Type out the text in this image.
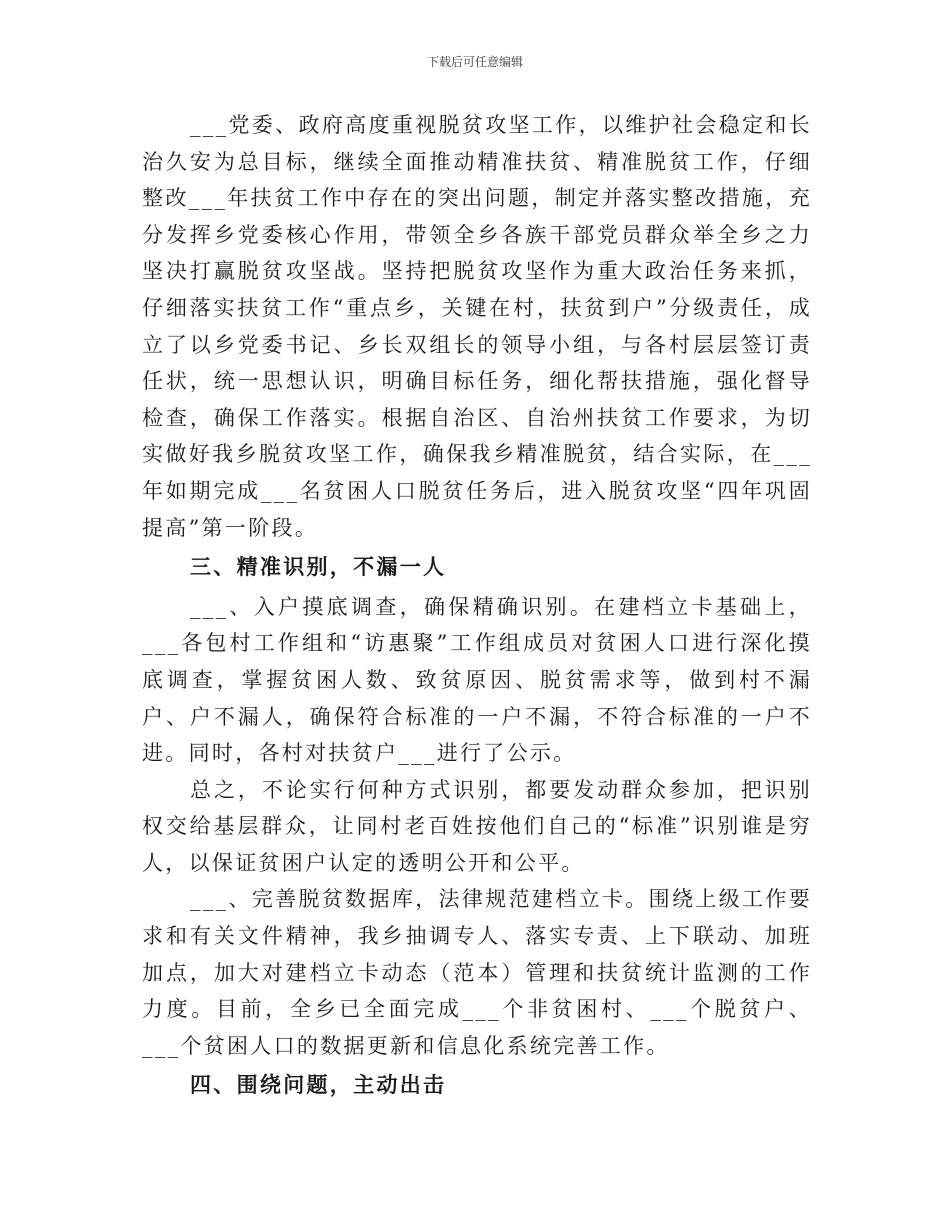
下载后可任意编辑

___党委、政府高度重视脱贫攻坚工作，以维护社会稳定和长治久安为总目标，继续全面推动精准扶贫、精准脱贫工作，仔细整改___年扶贫工作中存在的突出问题，制定并落实整改措施，充分发挥乡党委核心作用，带领全乡各族干部党员群众举全乡之力坚决打赢脱贫攻坚战。坚持把脱贫攻坚作为重大政治任务来抓，仔细落实扶贫工作“重点乡，关键在村，扶贫到户”分级责任，成立了以乡党委书记、乡长双组长的领导小组，与各村层层签订责任状，统一思想认识，明确目标任务，细化帮扶措施，强化督导检查，确保工作落实。根据自治区、自治州扶贫工作要求，为切实做好我乡脱贫攻坚工作，确保我乡精准脱贫，结合实际，在___年如期完成___名贫困人口脱贫任务后，进入脱贫攻坚“四年巩固提高”第一阶段。

三、精准识别，不漏一人

___、入户摸底调查，确保精确识别。在建档立卡基础上，___各包村工作组和“访惠聚”工作组成员对贫困人口进行深化摸底调查，掌握贫困人数、致贫原因、脱贫需求等，做到村不漏户、户不漏人，确保符合标准的一户不漏，不符合标准的一户不进。同时，各村对扶贫户___进行了公示。

总之，不论实行何种方式识别，都要发动群众参加，把识别权交给基层群众，让同村老百姓按他们自己的“标准”识别谁是穷人，以保证贫困户认定的透明公开和公平。

___、完善脱贫数据库，法律规范建档立卡。围绕上级工作要求和有关文件精神，我乡抽调专人、落实专责、上下联动、加班加点，加大对建档立卡动态（范本）管理和扶贫统计监测的工作力度。目前，全乡已全面完成___个非贫困村、___个脱贫户、___个贫困人口的数据更新和信息化系统完善工作。

四、围绕问题，主动出击
